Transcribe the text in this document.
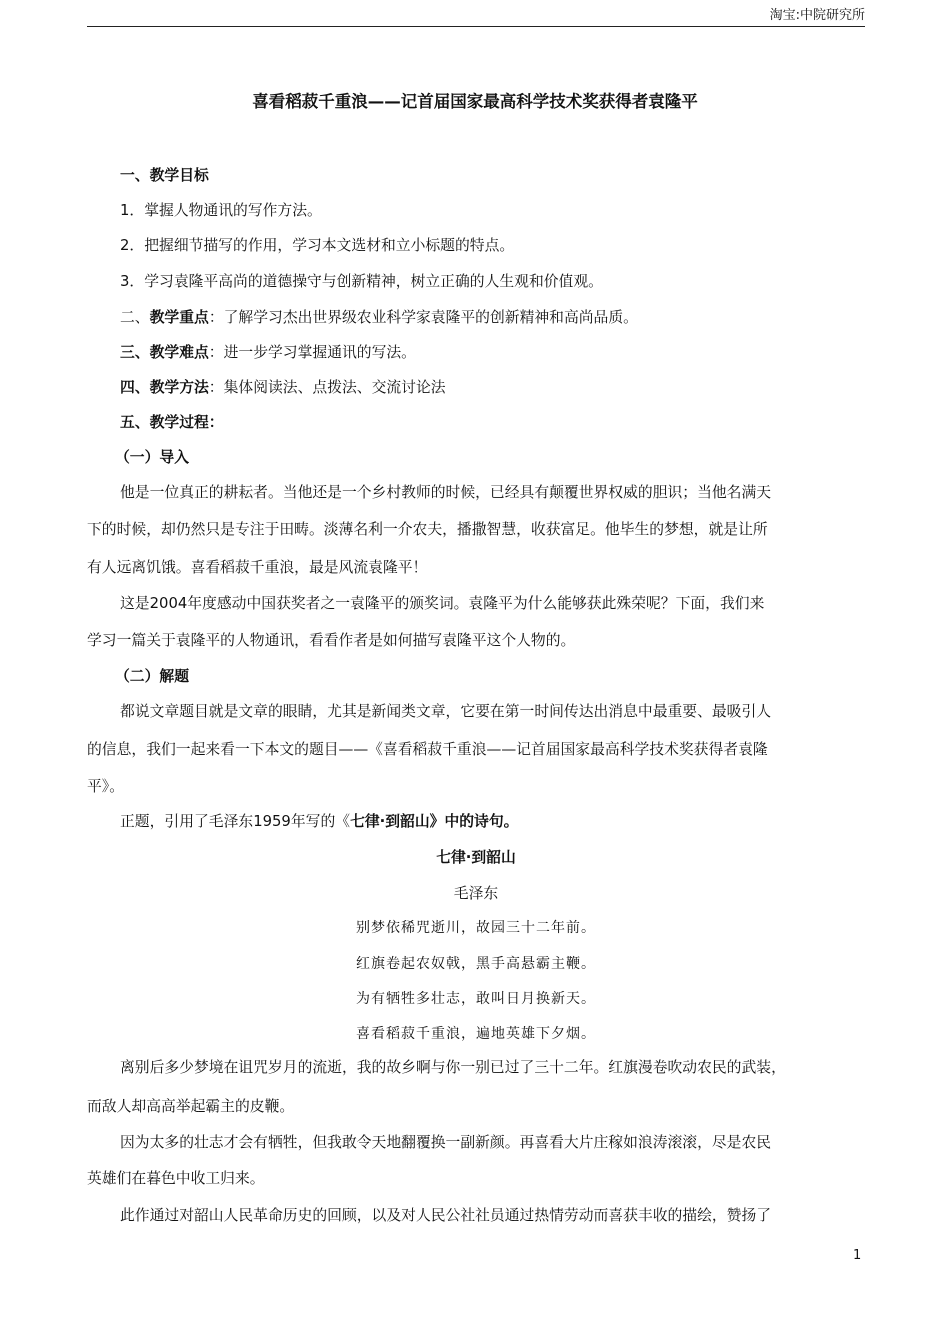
淘宝:中院研究所
喜看稻菽千重浪——记首届国家最高科学技术奖获得者袁隆平
一、教学目标
1．掌握人物通讯的写作方法。
2．把握细节描写的作用，学习本文选材和立小标题的特点。
3．学习袁隆平高尚的道德操守与创新精神，树立正确的人生观和价值观。
二、教学重点：了解学习杰出世界级农业科学家袁隆平的创新精神和高尚品质。
三、教学难点：进一步学习掌握通讯的写法。
四、教学方法：集体阅读法、点拨法、交流讨论法
五、教学过程：
（一）导入
他是一位真正的耕耘者。当他还是一个乡村教师的时候，已经具有颠覆世界权威的胆识；当他名满天
下的时候，却仍然只是专注于田畴。淡薄名利一介农夫，播撒智慧，收获富足。他毕生的梦想，就是让所
有人远离饥饿。喜看稻菽千重浪，最是风流袁隆平！
这是2004年度感动中国获奖者之一袁隆平的颁奖词。袁隆平为什么能够获此殊荣呢？下面，我们来
学习一篇关于袁隆平的人物通讯，看看作者是如何描写袁隆平这个人物的。
（二）解题
都说文章题目就是文章的眼睛，尤其是新闻类文章，它要在第一时间传达出消息中最重要、最吸引人
的信息，我们一起来看一下本文的题目——《喜看稻菽千重浪——记首届国家最高科学技术奖获得者袁隆
平》。
正题，引用了毛泽东1959年写的《七律·到韶山》中的诗句。
七律·到韶山
毛泽东
别梦依稀咒逝川，故园三十二年前。
红旗卷起农奴戟，黑手高悬霸主鞭。
为有牺牲多壮志，敢叫日月换新天。
喜看稻菽千重浪，遍地英雄下夕烟。
离别后多少梦境在诅咒岁月的流逝，我的故乡啊与你一别已过了三十二年。红旗漫卷吹动农民的武装，
而敌人却高高举起霸主的皮鞭。
因为太多的壮志才会有牺牲，但我敢令天地翻覆换一副新颜。再喜看大片庄稼如浪涛滚滚，尽是农民
英雄们在暮色中收工归来。
此作通过对韶山人民革命历史的回顾，以及对人民公社社员通过热情劳动而喜获丰收的描绘，赞扬了
1
